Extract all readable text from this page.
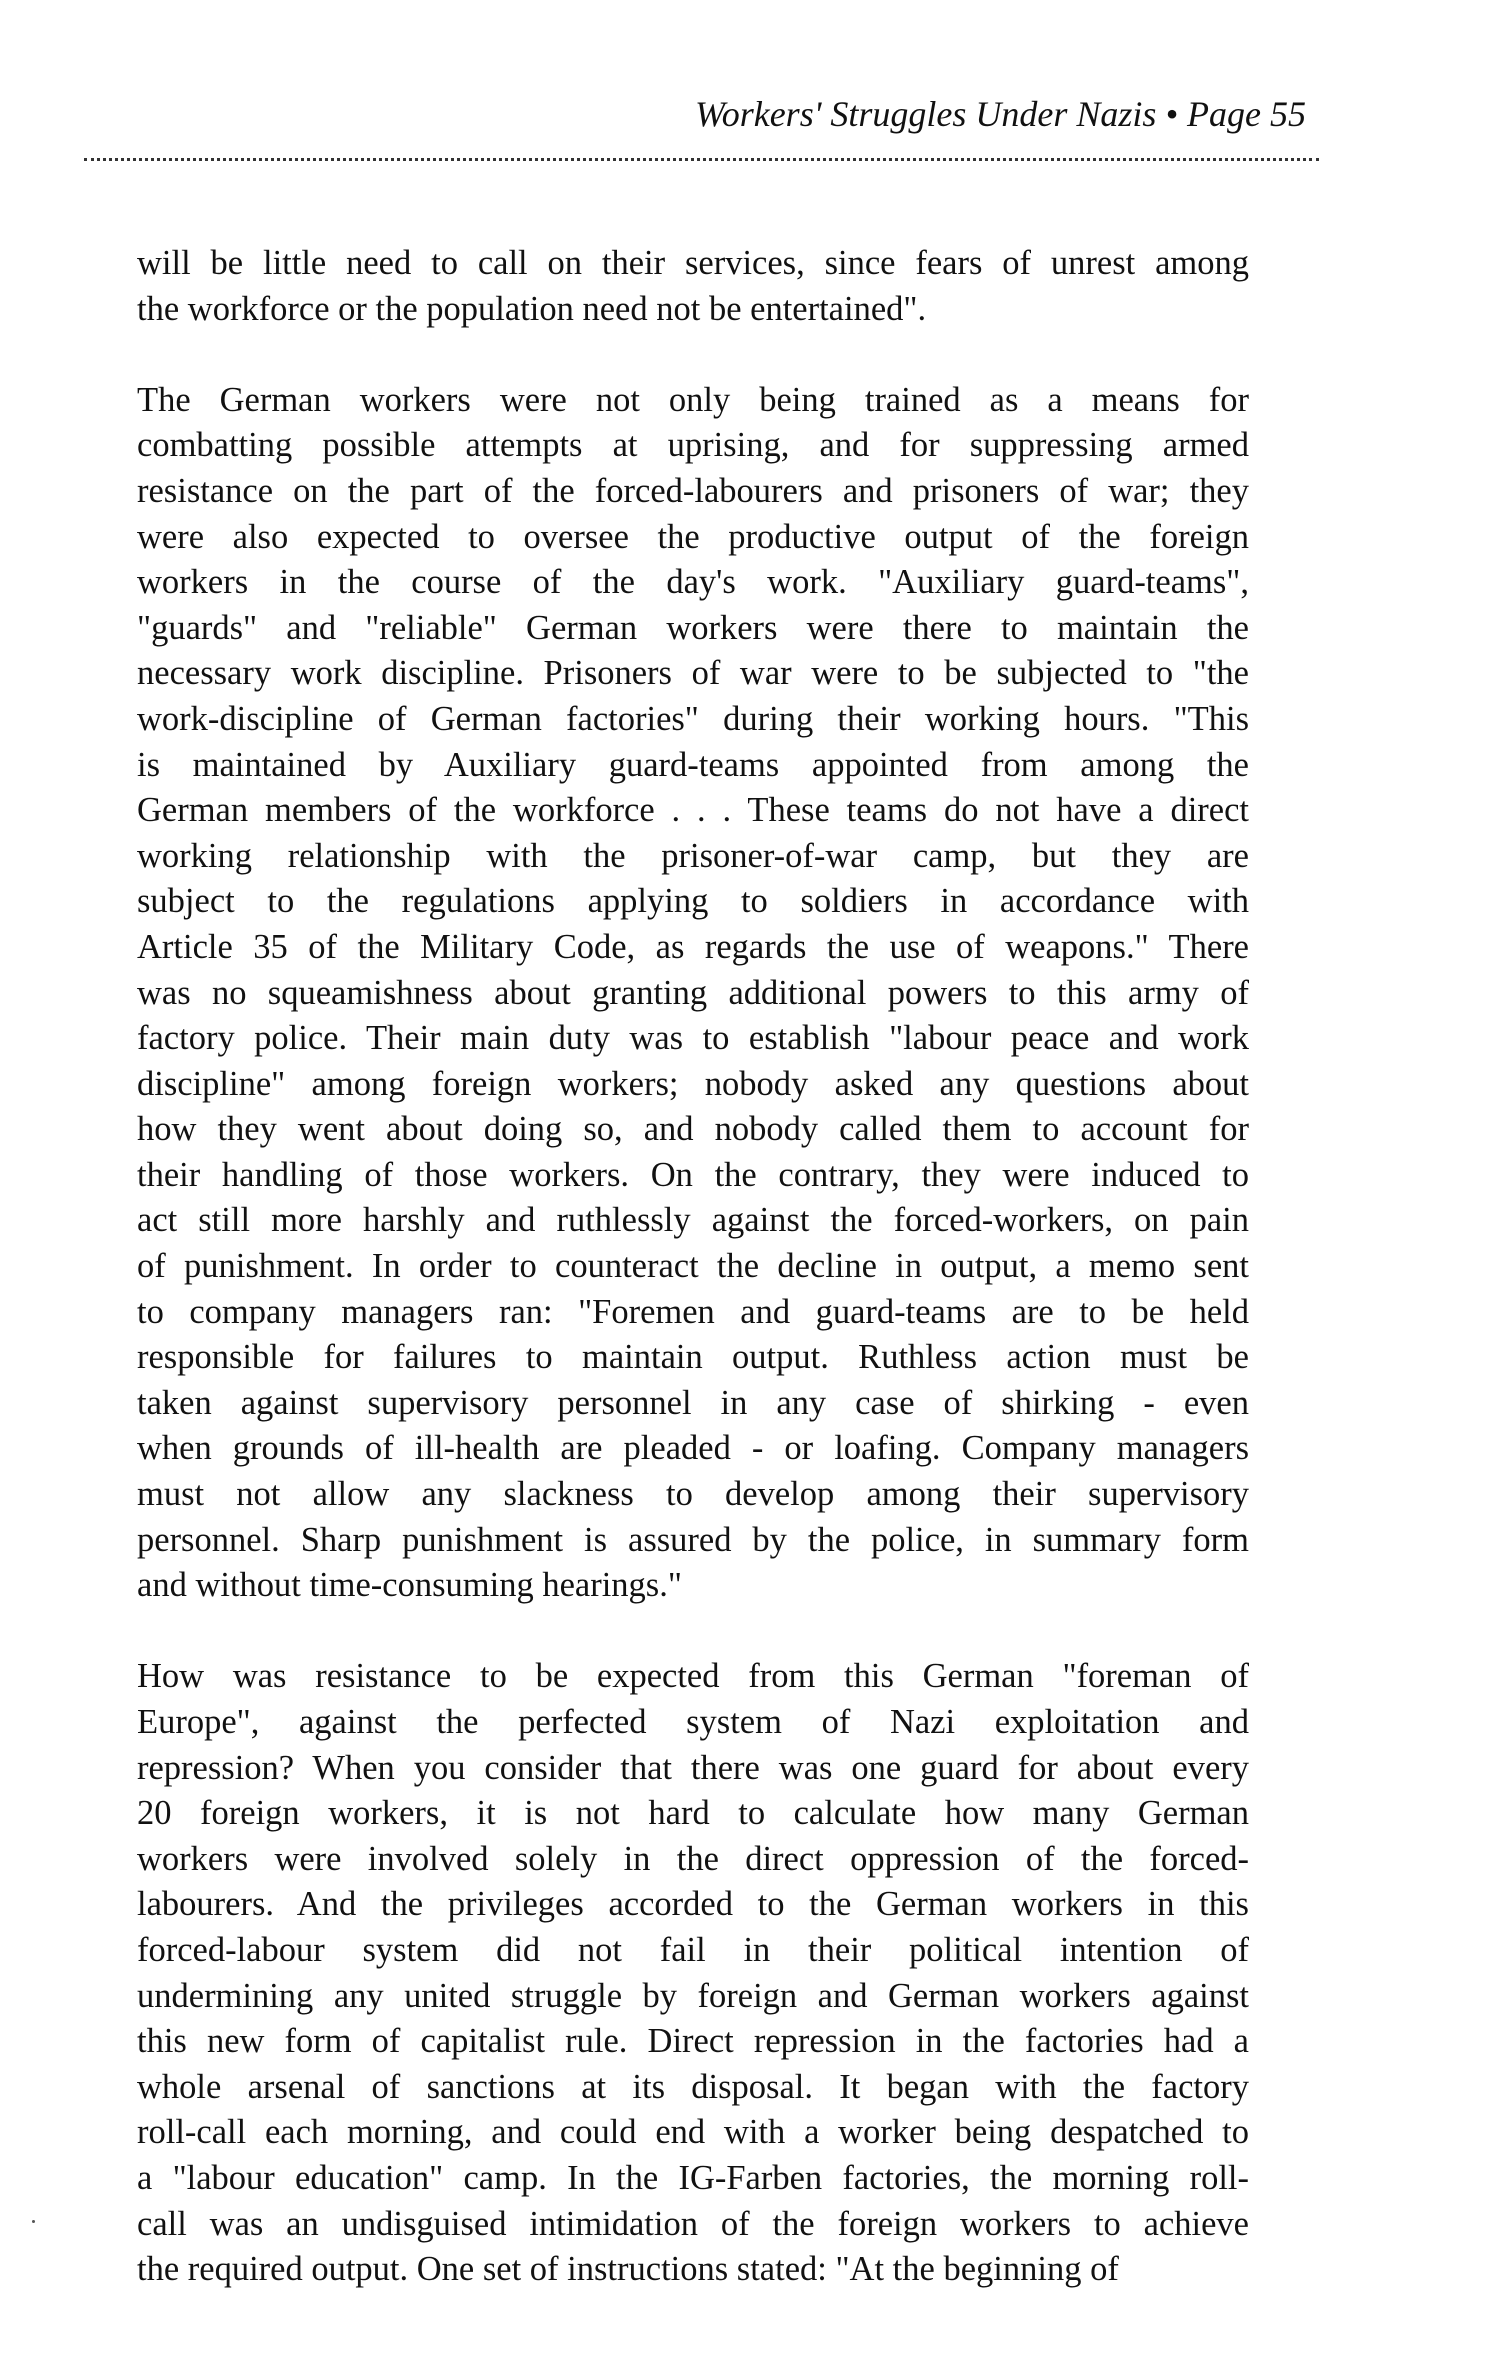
Workers' Struggles Under Nazis • Page 55
will be little need to call on their services, since fears of unrest among
the workforce or the population need not be entertained".
The German workers were not only being trained as a means for
combatting possible attempts at uprising, and for suppressing armed
resistance on the part of the forced-labourers and prisoners of war; they
were also expected to oversee the productive output of the foreign
workers in the course of the day's work. "Auxiliary guard-teams",
"guards" and "reliable" German workers were there to maintain the
necessary work discipline. Prisoners of war were to be subjected to "the
work-discipline of German factories" during their working hours. "This
is maintained by Auxiliary guard-teams appointed from among the
German members of the workforce . . . These teams do not have a direct
working relationship with the prisoner-of-war camp, but they are
subject to the regulations applying to soldiers in accordance with
Article 35 of the Military Code, as regards the use of weapons." There
was no squeamishness about granting additional powers to this army of
factory police. Their main duty was to establish "labour peace and work
discipline" among foreign workers; nobody asked any questions about
how they went about doing so, and nobody called them to account for
their handling of those workers. On the contrary, they were induced to
act still more harshly and ruthlessly against the forced-workers, on pain
of punishment. In order to counteract the decline in output, a memo sent
to company managers ran: "Foremen and guard-teams are to be held
responsible for failures to maintain output. Ruthless action must be
taken against supervisory personnel in any case of shirking - even
when grounds of ill-health are pleaded - or loafing. Company managers
must not allow any slackness to develop among their supervisory
personnel. Sharp punishment is assured by the police, in summary form
and without time-consuming hearings."
How was resistance to be expected from this German "foreman of
Europe", against the perfected system of Nazi exploitation and
repression? When you consider that there was one guard for about every
20 foreign workers, it is not hard to calculate how many German
workers were involved solely in the direct oppression of the forced-
labourers. And the privileges accorded to the German workers in this
forced-labour system did not fail in their political intention of
undermining any united struggle by foreign and German workers against
this new form of capitalist rule. Direct repression in the factories had a
whole arsenal of sanctions at its disposal. It began with the factory
roll-call each morning, and could end with a worker being despatched to
a "labour education" camp. In the IG-Farben factories, the morning roll-
call was an undisguised intimidation of the foreign workers to achieve
the required output. One set of instructions stated: "At the beginning of
